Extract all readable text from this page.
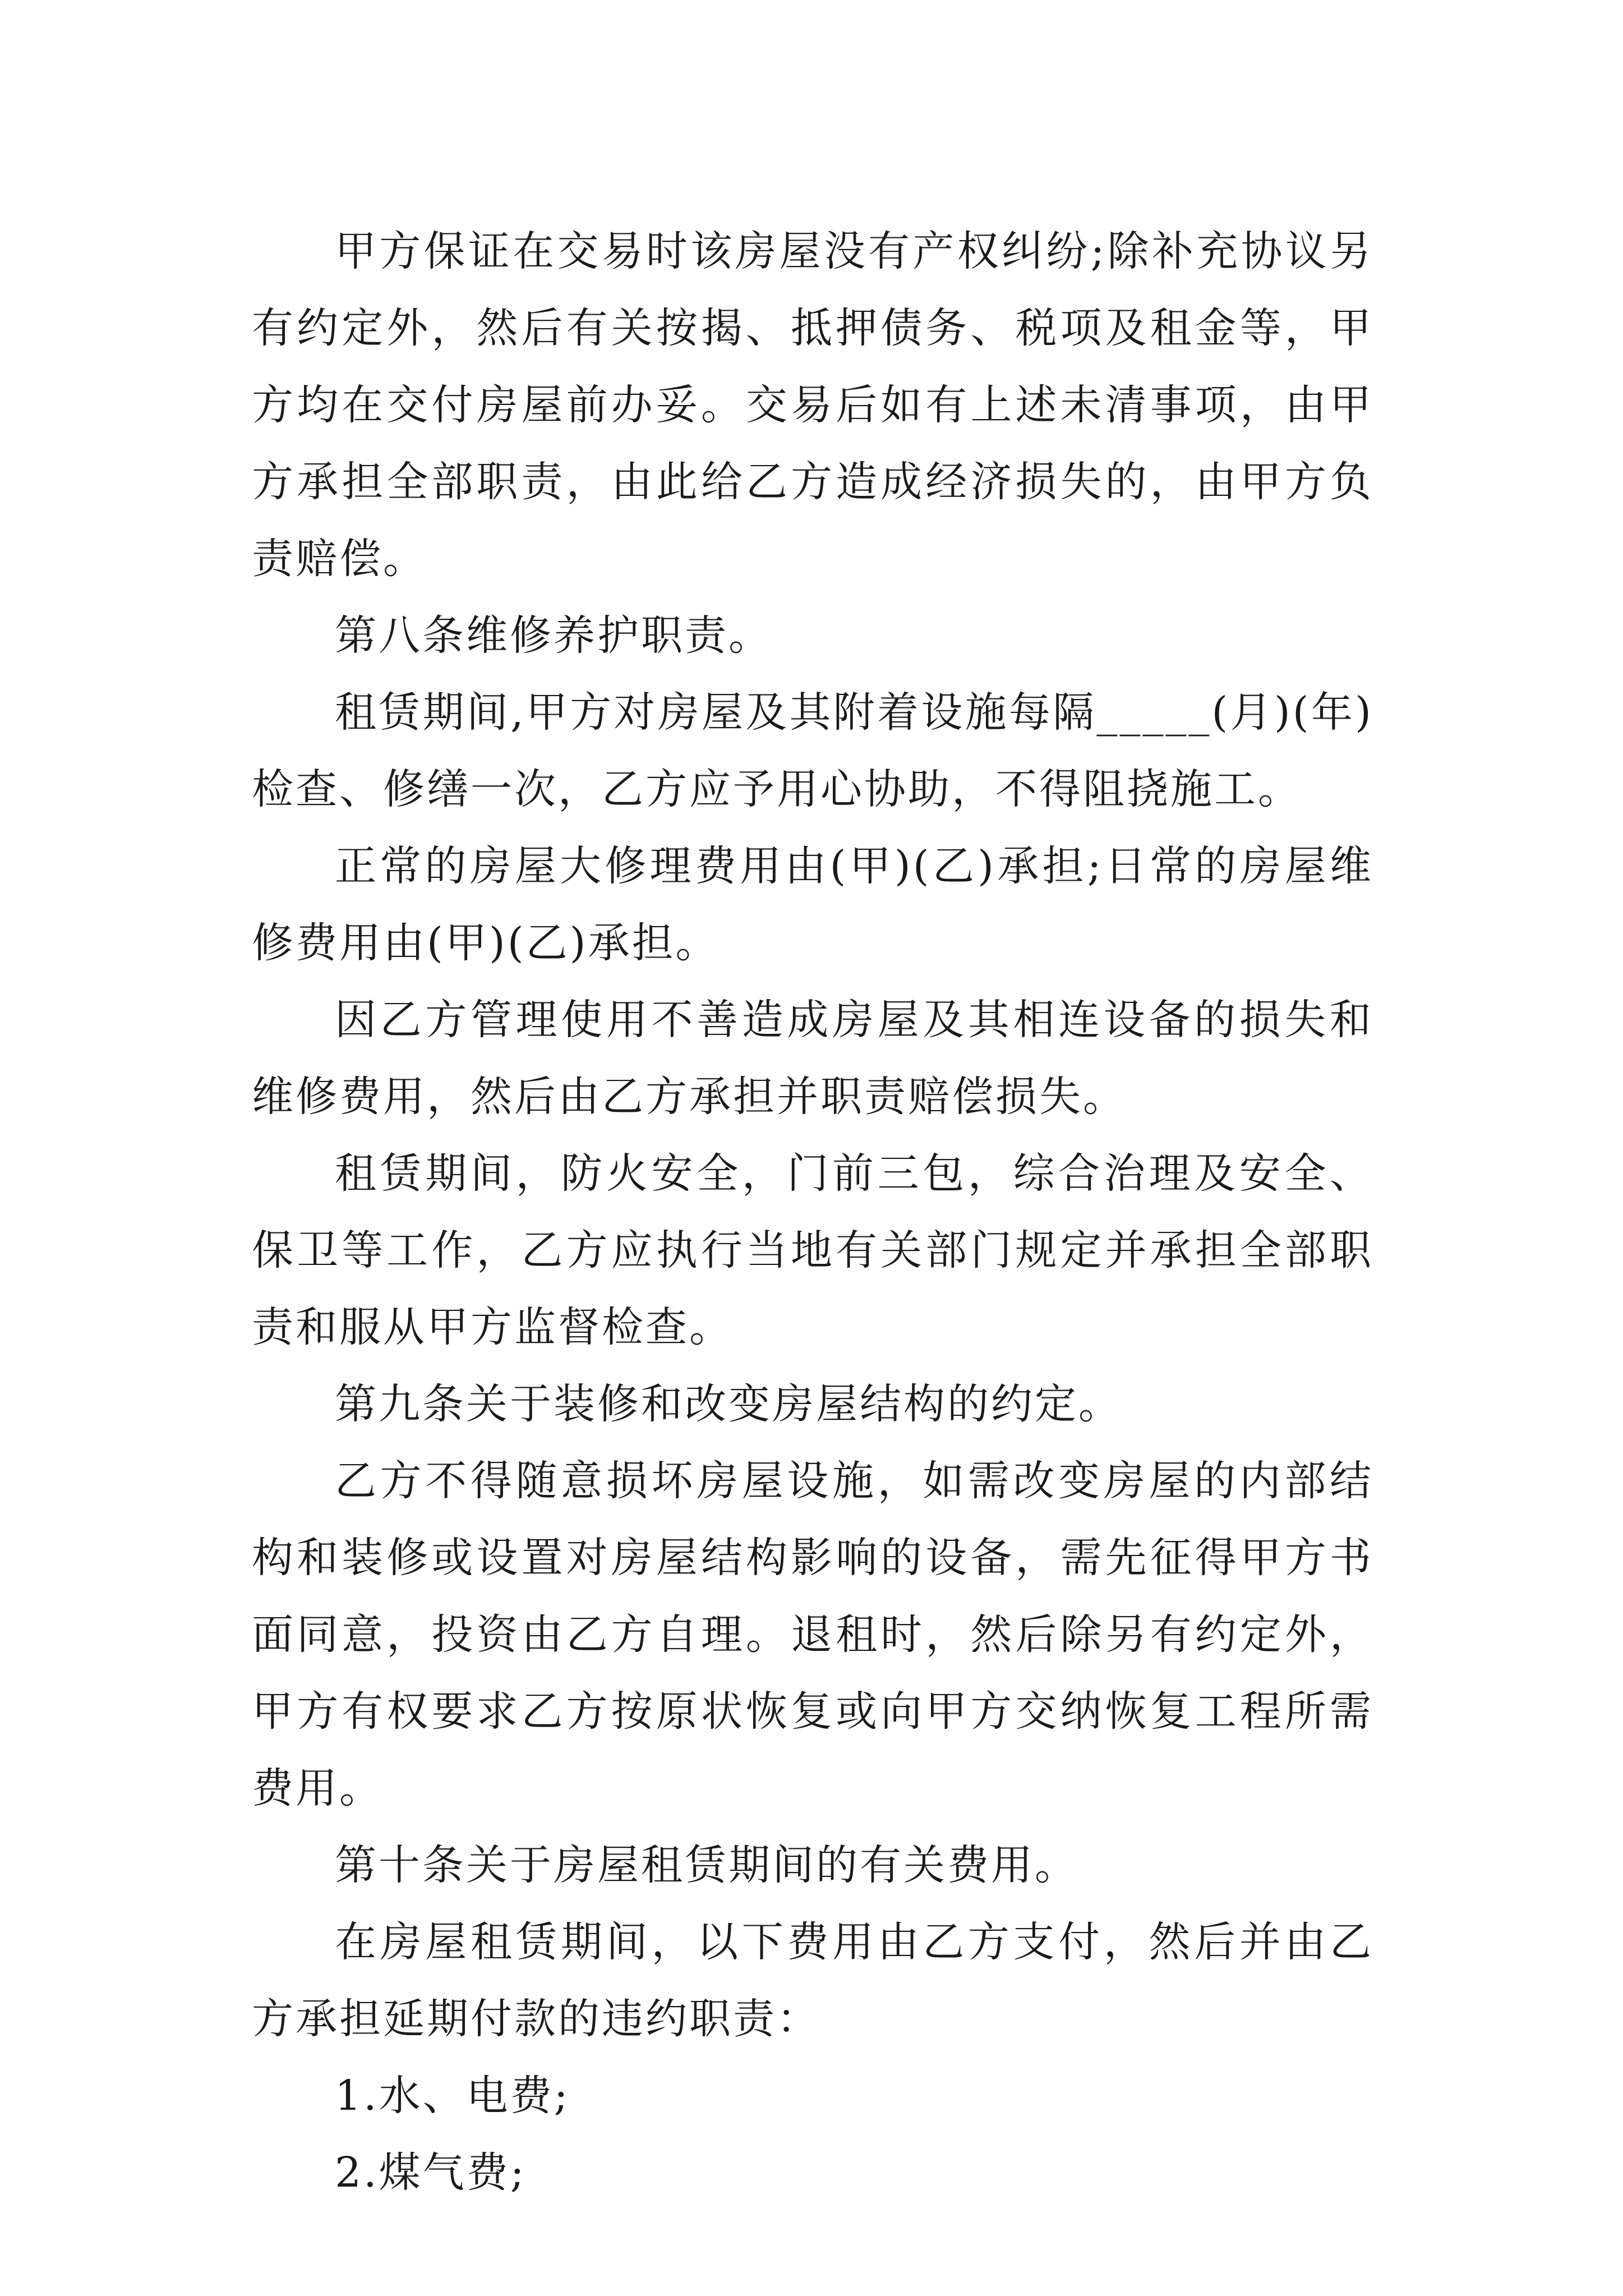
甲方保证在交易时该房屋没有产权纠纷;除补充协议另有约定外，然后有关按揭、抵押债务、税项及租金等，甲方均在交付房屋前办妥。交易后如有上述未清事项，由甲方承担全部职责，由此给乙方造成经济损失的，由甲方负责赔偿。

第八条维修养护职责。

租赁期间,甲方对房屋及其附着设施每隔_____(月)(年)检查、修缮一次，乙方应予用心协助，不得阻挠施工。

正常的房屋大修理费用由(甲)(乙)承担;日常的房屋维修费用由(甲)(乙)承担。

因乙方管理使用不善造成房屋及其相连设备的损失和维修费用，然后由乙方承担并职责赔偿损失。

租赁期间，防火安全，门前三包，综合治理及安全、保卫等工作，乙方应执行当地有关部门规定并承担全部职责和服从甲方监督检查。

第九条关于装修和改变房屋结构的约定。

乙方不得随意损坏房屋设施，如需改变房屋的内部结构和装修或设置对房屋结构影响的设备，需先征得甲方书面同意，投资由乙方自理。退租时，然后除另有约定外，甲方有权要求乙方按原状恢复或向甲方交纳恢复工程所需费用。

第十条关于房屋租赁期间的有关费用。

在房屋租赁期间，以下费用由乙方支付，然后并由乙方承担延期付款的违约职责：

1.水、电费;

2.煤气费;
